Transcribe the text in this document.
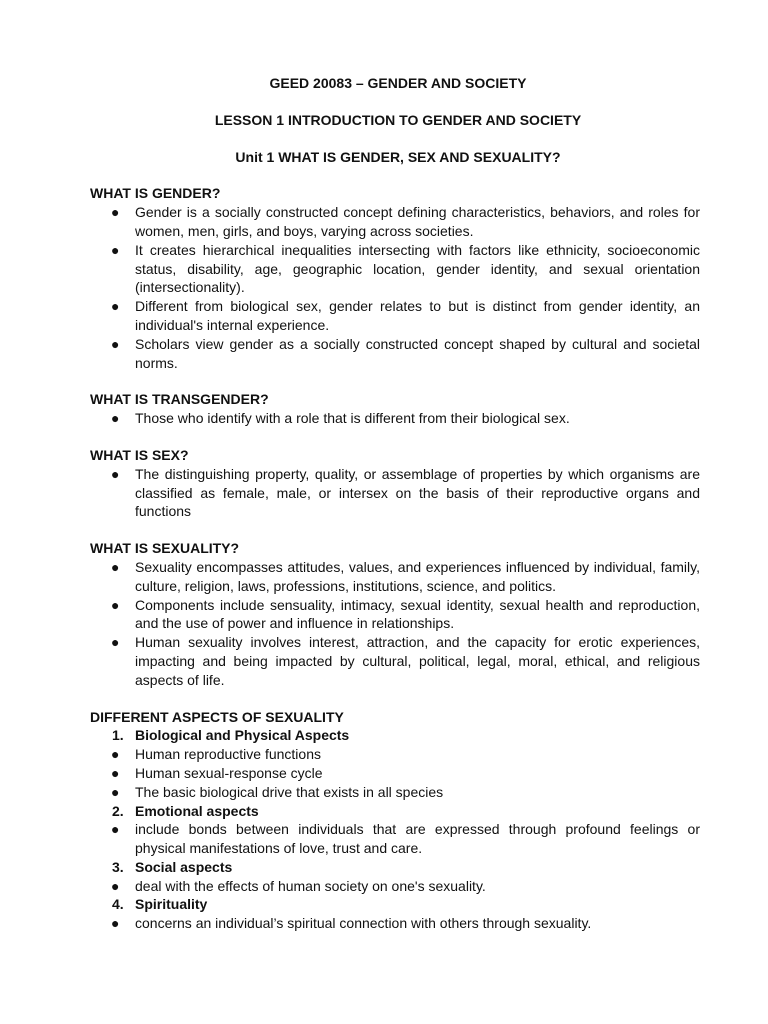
GEED 20083 – GENDER AND SOCIETY

LESSON 1 INTRODUCTION TO GENDER AND SOCIETY

Unit 1 WHAT IS GENDER, SEX AND SEXUALITY?

WHAT IS GENDER?

● Gender is a socially constructed concept defining characteristics, behaviors, and roles for women, men, girls, and boys, varying across societies.
● It creates hierarchical inequalities intersecting with factors like ethnicity, socioeconomic status, disability, age, geographic location, gender identity, and sexual orientation (intersectionality).
● Different from biological sex, gender relates to but is distinct from gender identity, an individual's internal experience.
● Scholars view gender as a socially constructed concept shaped by cultural and societal norms.

WHAT IS TRANSGENDER?

● Those who identify with a role that is different from their biological sex.

WHAT IS SEX?

● The distinguishing property, quality, or assemblage of properties by which organisms are classified as female, male, or intersex on the basis of their reproductive organs and functions

WHAT IS SEXUALITY?

● Sexuality encompasses attitudes, values, and experiences influenced by individual, family, culture, religion, laws, professions, institutions, science, and politics.
● Components include sensuality, intimacy, sexual identity, sexual health and reproduction, and the use of power and influence in relationships.
● Human sexuality involves interest, attraction, and the capacity for erotic experiences, impacting and being impacted by cultural, political, legal, moral, ethical, and religious aspects of life.

DIFFERENT ASPECTS OF SEXUALITY

1. Biological and Physical Aspects
● Human reproductive functions
● Human sexual-response cycle
● The basic biological drive that exists in all species
2. Emotional aspects
● include bonds between individuals that are expressed through profound feelings or physical manifestations of love, trust and care.
3. Social aspects
● deal with the effects of human society on one's sexuality.
4. Spirituality
● concerns an individual’s spiritual connection with others through sexuality.
